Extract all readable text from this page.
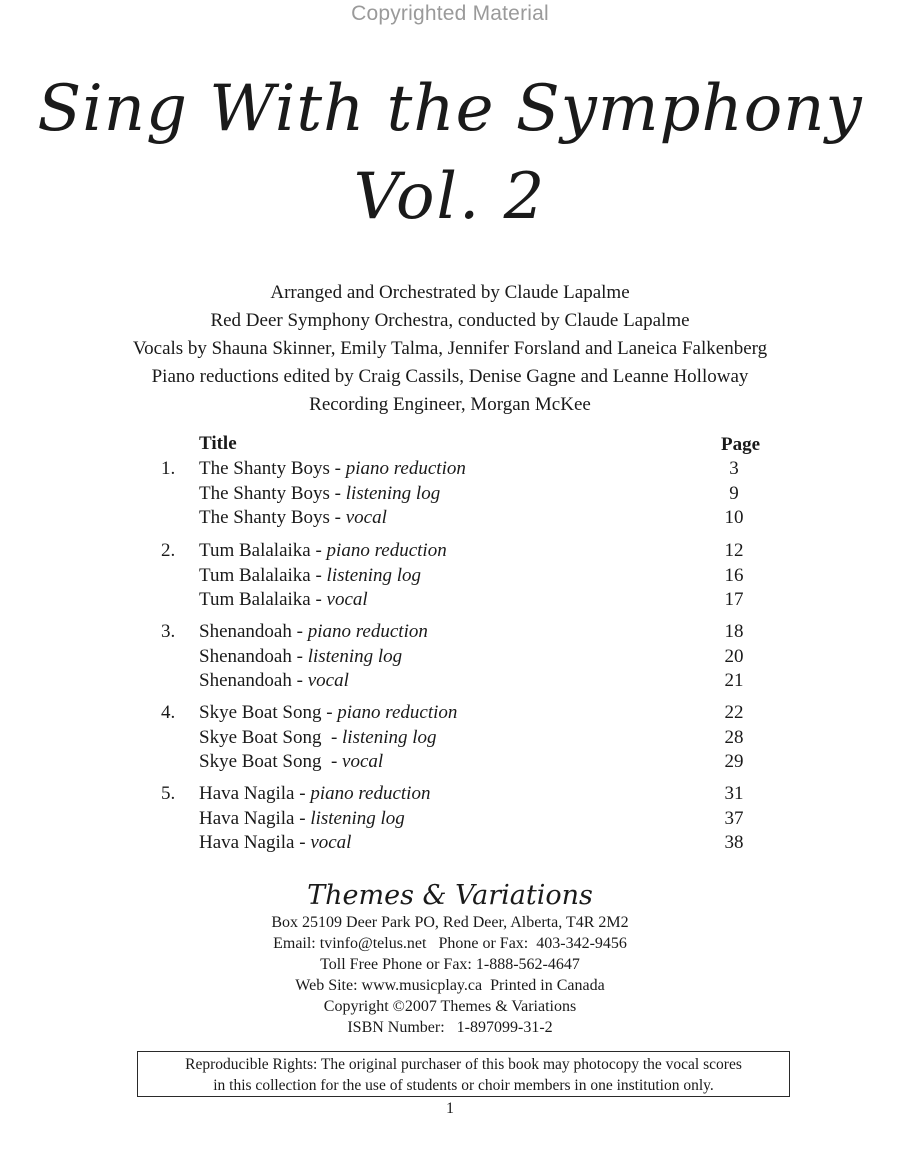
Copyrighted Material
Sing With the Symphony
Vol. 2
Arranged and Orchestrated by Claude Lapalme
Red Deer Symphony Orchestra, conducted by Claude Lapalme
Vocals by Shauna Skinner, Emily Talma, Jennifer Forsland and Laneica Falkenberg
Piano reductions edited by Craig Cassils, Denise Gagne and Leanne Holloway
Recording Engineer, Morgan McKee
Title	Page
1.	The Shanty Boys - piano reduction	3
The Shanty Boys - listening log	9
The Shanty Boys - vocal	10
2.	Tum Balalaika - piano reduction	12
Tum Balalaika - listening log	16
Tum Balalaika - vocal	17
3.	Shenandoah - piano reduction	18
Shenandoah - listening log	20
Shenandoah - vocal	21
4.	Skye Boat Song - piano reduction	22
Skye Boat Song  - listening log	28
Skye Boat Song  - vocal	29
5.	Hava Nagila - piano reduction	31
Hava Nagila - listening log	37
Hava Nagila - vocal	38
Themes & Variations
Box 25109 Deer Park PO, Red Deer, Alberta, T4R 2M2
Email: tvinfo@telus.net   Phone or Fax:  403-342-9456
Toll Free Phone or Fax: 1-888-562-4647
Web Site: www.musicplay.ca  Printed in Canada
Copyright ©2007 Themes & Variations
ISBN Number:   1-897099-31-2
Reproducible Rights: The original purchaser of this book may photocopy the vocal scores
in this collection for the use of students or choir members in one institution only.
1
